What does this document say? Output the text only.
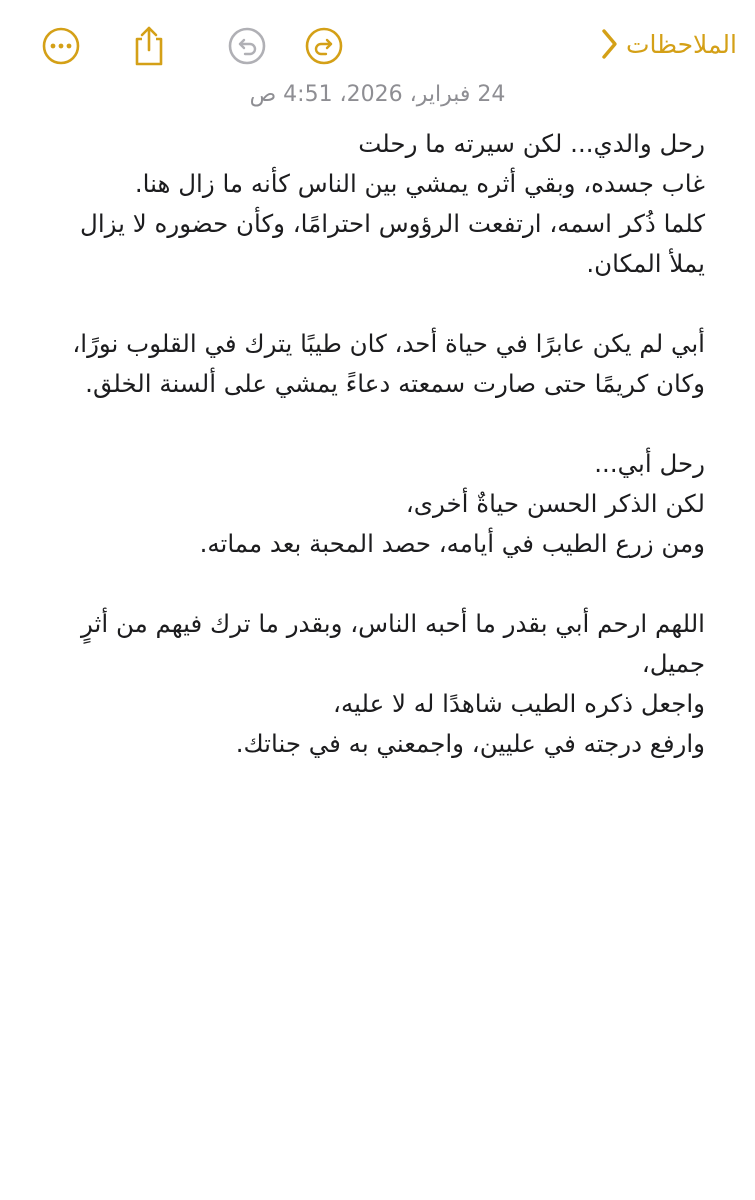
الملاحظات
24 فبراير، 2026، 4:51 ص
رحل والدي... لكن سيرته ما رحلت
غاب جسده، وبقي أثره يمشي بين الناس كأنه ما زال هنا.
كلما ذُكر اسمه، ارتفعت الرؤوس احترامًا، وكأن حضوره لا يزال يملأ المكان.
أبي لم يكن عابرًا في حياة أحد، كان طيبًا يترك في القلوب نورًا،
وكان كريمًا حتى صارت سمعته دعاءً يمشي على ألسنة الخلق.
رحل أبي...
لكن الذكر الحسن حياةٌ أخرى،
ومن زرع الطيب في أيامه، حصد المحبة بعد مماته.
اللهم ارحم أبي بقدر ما أحبه الناس، وبقدر ما ترك فيهم من أثرٍ جميل،
واجعل ذكره الطيب شاهدًا له لا عليه،
وارفع درجته في عليين، واجمعني به في جناتك.
